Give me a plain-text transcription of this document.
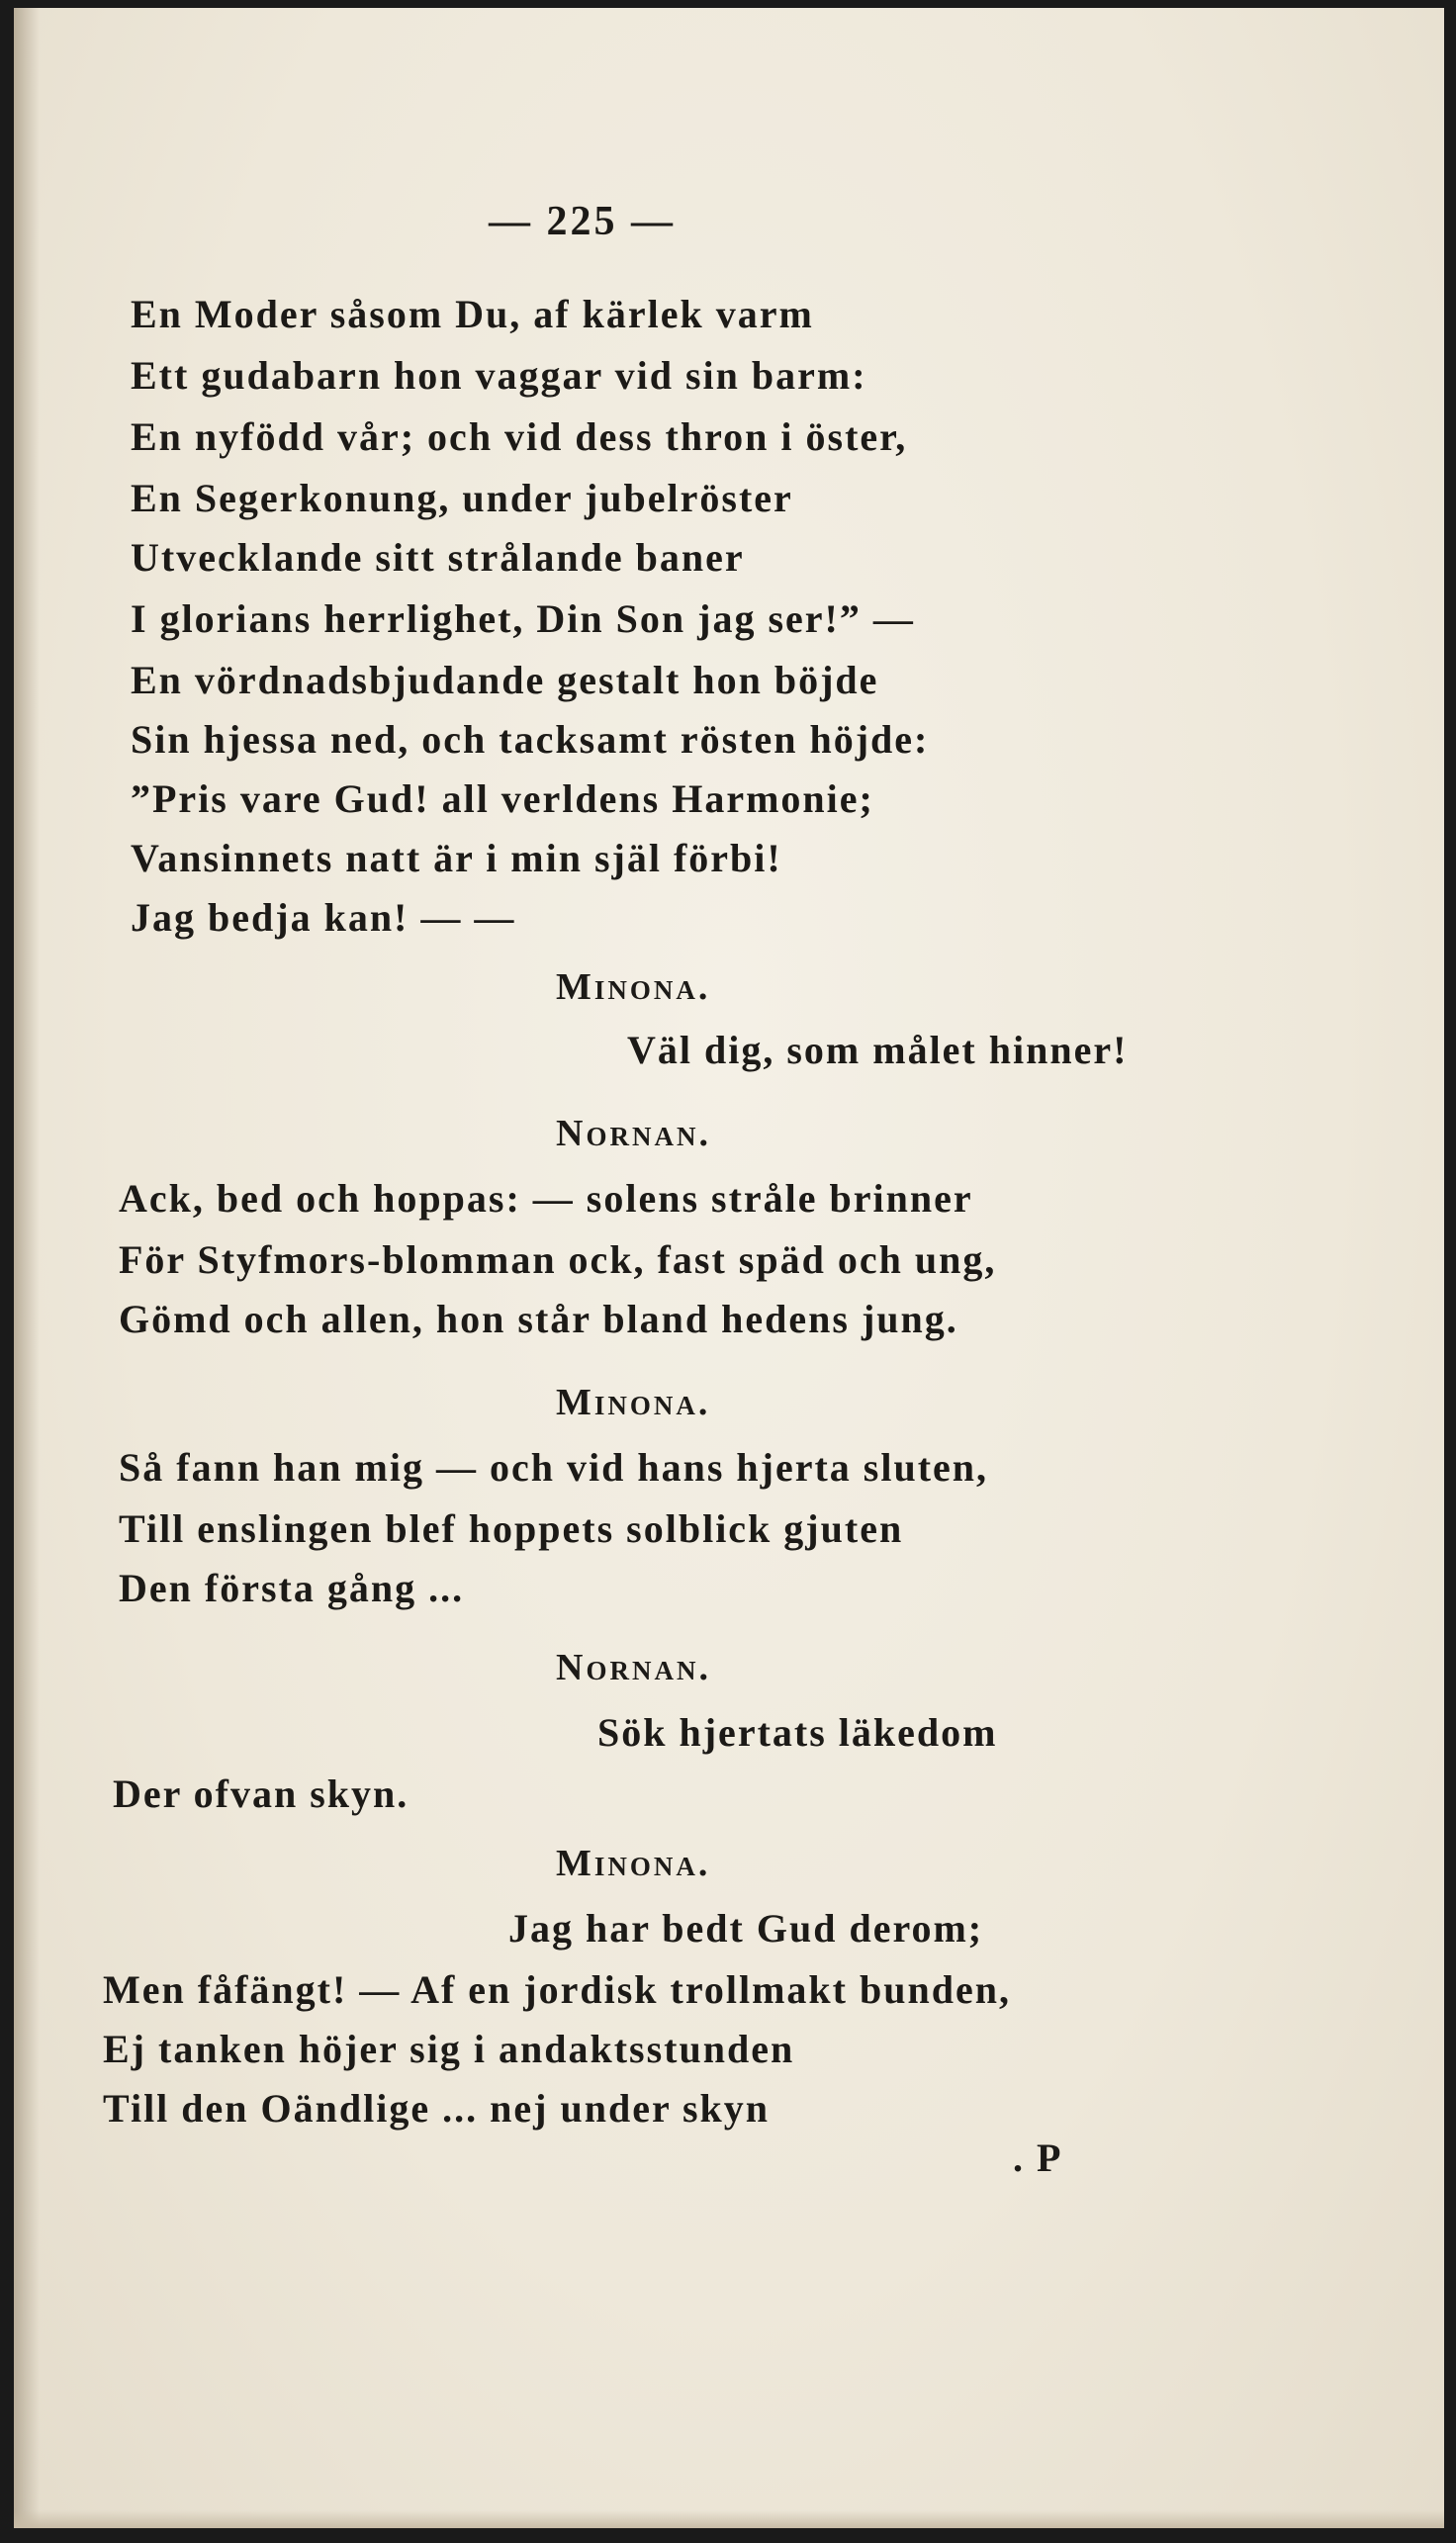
— 225 —
En Moder såsom Du, af kärlek varm
Ett gudabarn hon vaggar vid sin barm:
En nyfödd vår; och vid dess thron i öster,
En Segerkonung, under jubelröster
Utvecklande sitt strålande baner
I glorians herrlighet, Din Son jag ser!” —
En vördnadsbjudande gestalt hon böjde
Sin hjessa ned, och tacksamt rösten höjde:
”Pris vare Gud! all verldens Harmonie;
Vansinnets natt är i min själ förbi!
Jag bedja kan! — —
Minona.
Väl dig, som målet hinner!
Nornan.
Ack, bed och hoppas: — solens stråle brinner
För Styfmors-blomman ock, fast späd och ung,
Gömd och allen, hon står bland hedens jung.
Minona.
Så fann han mig — och vid hans hjerta sluten,
Till enslingen blef hoppets solblick gjuten
Den första gång ...
Nornan.
Sök hjertats läkedom
Der ofvan skyn.
Minona.
Jag har bedt Gud derom;
Men fåfängt! — Af en jordisk trollmakt bunden,
Ej tanken höjer sig i andaktsstunden
Till den Oändlige ... nej under skyn
. P
